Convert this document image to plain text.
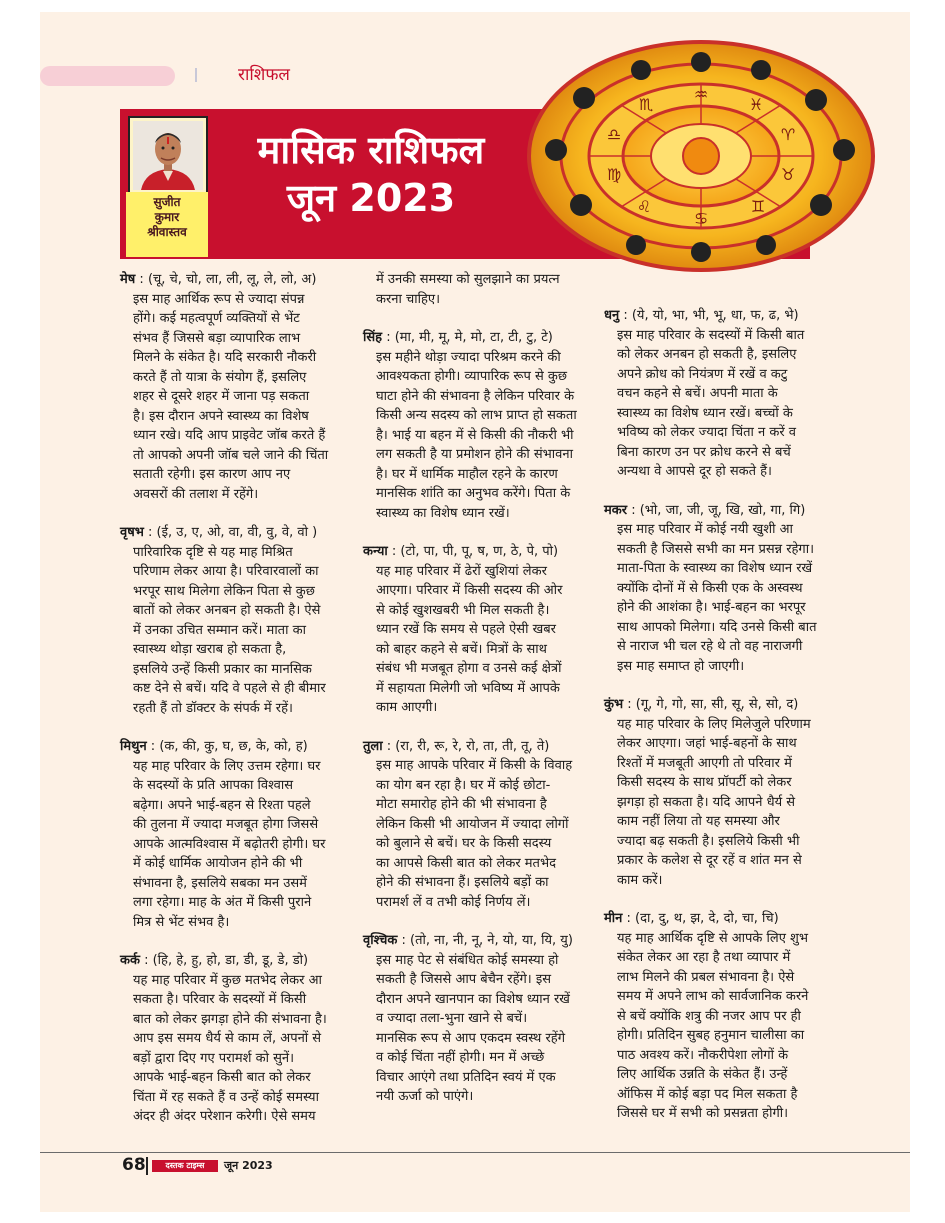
राशिफल
सुजीत
कुमार
श्रीवास्तव
मासिक राशिफल
जून 2023
♒
♓
♈
♉
♊
♋
♌
♍
♎
♏
मेष : (चू, चे, चो, ला, ली, लू, ले, लो, अ)
इस माह आर्थिक रूप से ज्यादा संपन्न
होंगे। कई महत्वपूर्ण व्यक्तियों से भेंट
संभव हैं जिससे बड़ा व्यापारिक लाभ
मिलने के संकेत है। यदि सरकारी नौकरी
करते हैं तो यात्रा के संयोग हैं, इसलिए
शहर से दूसरे शहर में जाना पड़ सकता
है। इस दौरान अपने स्वास्थ्य का विशेष
ध्यान रखे। यदि आप प्राइवेट जॉब करते हैं
तो आपको अपनी जॉब चले जाने की चिंता
सताती रहेगी। इस कारण आप नए
अवसरों की तलाश में रहेंगे।
वृषभ : (ई, उ, ए, ओ, वा, वी, वु, वे, वो )
पारिवारिक दृष्टि से यह माह मिश्रित
परिणाम लेकर आया है। परिवारवालों का
भरपूर साथ मिलेगा लेकिन पिता से कुछ
बातों को लेकर अनबन हो सकती है। ऐसे
में उनका उचित सम्मान करें। माता का
स्वास्थ्य थोड़ा खराब हो सकता है,
इसलिये उन्हें किसी प्रकार का मानसिक
कष्ट देने से बचें। यदि वे पहले से ही बीमार
रहती हैं तो डॉक्टर के संपर्क में रहें।
मिथुन : (क, की, कु, घ, छ, के, को, ह)
यह माह परिवार के लिए उत्तम रहेगा। घर
के सदस्यों के प्रति आपका विश्वास
बढ़ेगा। अपने भाई-बहन से रिश्ता पहले
की तुलना में ज्यादा मजबूत होगा जिससे
आपके आत्मविश्वास में बढ़ोतरी होगी। घर
में कोई धार्मिक आयोजन होने की भी
संभावना है, इसलिये सबका मन उसमें
लगा रहेगा। माह के अंत में किसी पुराने
मित्र से भेंट संभव है।
कर्क : (हि, हे, हु, हो, डा, डी, डू, डे, डो)
यह माह परिवार में कुछ मतभेद लेकर आ
सकता है। परिवार के सदस्यों में किसी
बात को लेकर झगड़ा होने की संभावना है।
आप इस समय धैर्य से काम लें, अपनों से
बड़ों द्वारा दिए गए परामर्श को सुनें।
आपके भाई-बहन किसी बात को लेकर
चिंता में रह सकते हैं व उन्हें कोई समस्या
अंदर ही अंदर परेशान करेगी। ऐसे समय
में उनकी समस्या को सुलझाने का प्रयत्न
करना चाहिए।
सिंह : (मा, मी, मू, मे, मो, टा, टी, टु, टे)
इस महीने थोड़ा ज्यादा परिश्रम करने की
आवश्यकता होगी। व्यापारिक रूप से कुछ
घाटा होने की संभावना है लेकिन परिवार के
किसी अन्य सदस्य को लाभ प्राप्त हो सकता
है। भाई या बहन में से किसी की नौकरी भी
लग सकती है या प्रमोशन होने की संभावना
है। घर में धार्मिक माहौल रहने के कारण
मानसिक शांति का अनुभव करेंगे। पिता के
स्वास्थ्य का विशेष ध्यान रखें।
कन्या : (टो, पा, पी, पू, ष, ण, ठे, पे, पो)
यह माह परिवार में ढेरों खुशियां लेकर
आएगा। परिवार में किसी सदस्य की ओर
से कोई खुशखबरी भी मिल सकती है।
ध्यान रखें कि समय से पहले ऐसी खबर
को बाहर कहने से बचें। मित्रों के साथ
संबंध भी मजबूत होगा व उनसे कई क्षेत्रों
में सहायता मिलेगी जो भविष्य में आपके
काम आएगी।
तुला : (रा, री, रू, रे, रो, ता, ती, तू, ते)
इस माह आपके परिवार में किसी के विवाह
का योग बन रहा है। घर में कोई छोटा-
मोटा समारोह होने की भी संभावना है
लेकिन किसी भी आयोजन में ज्यादा लोगों
को बुलाने से बचें। घर के किसी सदस्य
का आपसे किसी बात को लेकर मतभेद
होने की संभावना हैं। इसलिये बड़ों का
परामर्श लें व तभी कोई निर्णय लें।
वृश्चिक : (तो, ना, नी, नू, ने, यो, या, यि, यु)
इस माह पेट से संबंधित कोई समस्या हो
सकती है जिससे आप बेचैन रहेंगे। इस
दौरान अपने खानपान का विशेष ध्यान रखें
व ज्यादा तला-भुना खाने से बचें।
मानसिक रूप से आप एकदम स्वस्थ रहेंगे
व कोई चिंता नहीं होगी। मन में अच्छे
विचार आएंगे तथा प्रतिदिन स्वयं में एक
नयी ऊर्जा को पाएंगे।
धनु : (ये, यो, भा, भी, भू, धा, फ, ढ, भे)
इस माह परिवार के सदस्यों में किसी बात
को लेकर अनबन हो सकती है, इसलिए
अपने क्रोध को नियंत्रण में रखें व कटु
वचन कहने से बचें। अपनी माता के
स्वास्थ्य का विशेष ध्यान रखें। बच्चों के
भविष्य को लेकर ज्यादा चिंता न करें व
बिना कारण उन पर क्रोध करने से बचें
अन्यथा वे आपसे दूर हो सकते हैं।
मकर : (भो, जा, जी, जू, खि, खो, गा, गि)
इस माह परिवार में कोई नयी खुशी आ
सकती है जिससे सभी का मन प्रसन्न रहेगा।
माता-पिता के स्वास्थ्य का विशेष ध्यान रखें
क्योंकि दोनों में से किसी एक के अस्वस्थ
होने की आशंका है। भाई-बहन का भरपूर
साथ आपको मिलेगा। यदि उनसे किसी बात
से नाराज भी चल रहे थे तो वह नाराजगी
इस माह समाप्त हो जाएगी।
कुंभ : (गू, गे, गो, सा, सी, सू, से, सो, द)
यह माह परिवार के लिए मिलेजुले परिणाम
लेकर आएगा। जहां भाई-बहनों के साथ
रिश्तों में मजबूती आएगी तो परिवार में
किसी सदस्य के साथ प्रॉपर्टी को लेकर
झगड़ा हो सकता है। यदि आपने धैर्य से
काम नहीं लिया तो यह समस्या और
ज्यादा बढ़ सकती है। इसलिये किसी भी
प्रकार के कलेश से दूर रहें व शांत मन से
काम करें।
मीन : (दा, दु, थ, झ, दे, दो, चा, चि)
यह माह आर्थिक दृष्टि से आपके लिए शुभ
संकेत लेकर आ रहा है तथा व्यापार में
लाभ मिलने की प्रबल संभावना है। ऐसे
समय में अपने लाभ को सार्वजानिक करने
से बचें क्योंकि शत्रु की नजर आप पर ही
होगी। प्रतिदिन सुबह हनुमान चालीसा का
पाठ अवश्य करें। नौकरीपेशा लोगों के
लिए आर्थिक उन्नति के संकेत हैं। उन्हें
ऑफिस में कोई बड़ा पद मिल सकता है
जिससे घर में सभी को प्रसन्नता होगी।
68	दस्तक टाइम्स	जून 2023
